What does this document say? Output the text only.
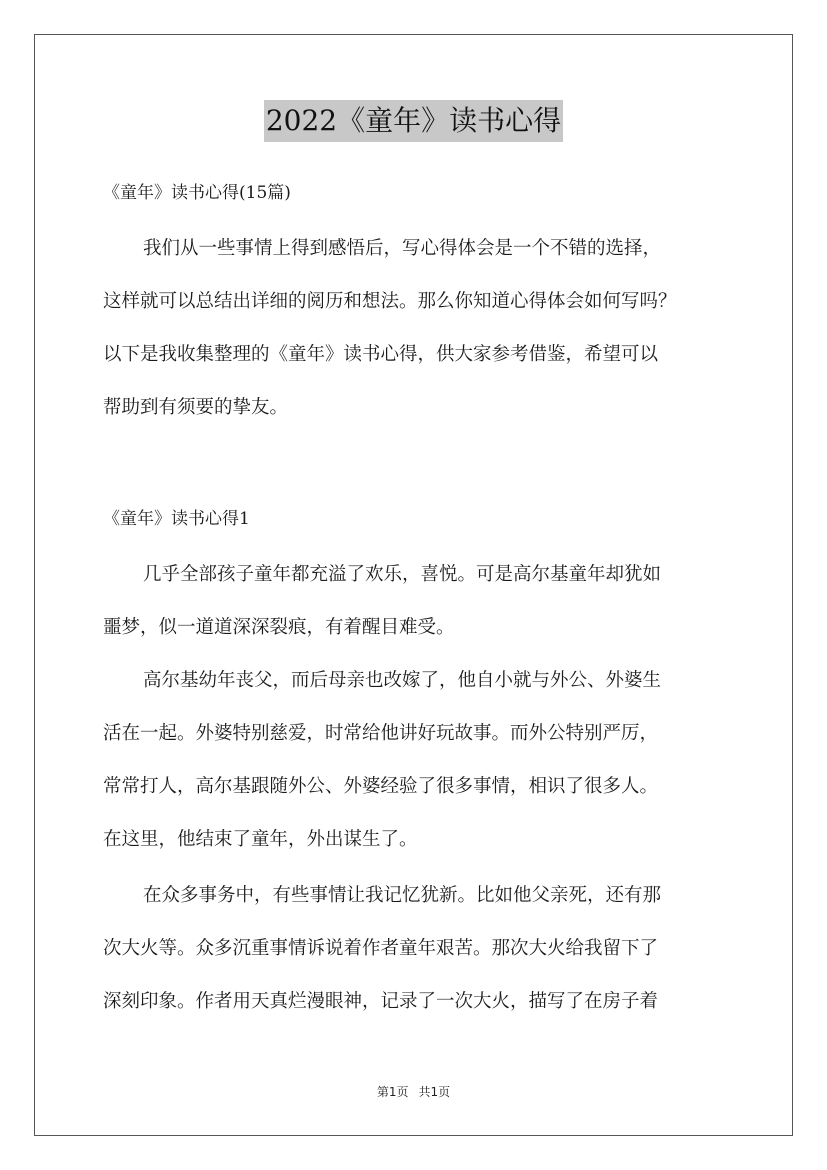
2022《童年》读书心得
《童年》读书心得(15篇)
我们从一些事情上得到感悟后，写心得体会是一个不错的选择，
这样就可以总结出详细的阅历和想法。那么你知道心得体会如何写吗？
以下是我收集整理的《童年》读书心得，供大家参考借鉴，希望可以
帮助到有须要的挚友。
《童年》读书心得1
几乎全部孩子童年都充溢了欢乐，喜悦。可是高尔基童年却犹如
噩梦，似一道道深深裂痕，有着醒目难受。
高尔基幼年丧父，而后母亲也改嫁了，他自小就与外公、外婆生
活在一起。外婆特别慈爱，时常给他讲好玩故事。而外公特别严厉，
常常打人，高尔基跟随外公、外婆经验了很多事情，相识了很多人。
在这里，他结束了童年，外出谋生了。
在众多事务中，有些事情让我记忆犹新。比如他父亲死，还有那
次大火等。众多沉重事情诉说着作者童年艰苦。那次大火给我留下了
深刻印象。作者用天真烂漫眼神，记录了一次大火，描写了在房子着
第1页 共1页
